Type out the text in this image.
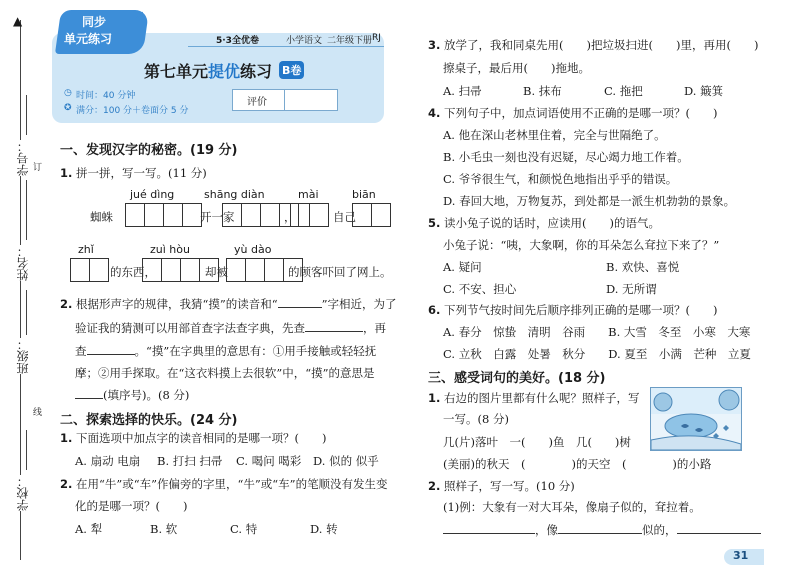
▲
学号： 订
姓名：
班级：
线
学校：
同步
单元练习
➚
5·3全优卷	小学语文 二年级下册 RJ
第七单元提优练习 B卷
◷ 时间：40 分钟
✪ 满分：100 分＋卷面分 5 分
评价
一、发现汉字的秘密。(19 分)
1. 拼一拼，写一写。(11 分)
jué dìng	shāng diàn	mài	biān
蜘蛛	开一家	，	自己
zhǐ	zuì hòu	yù dào
的东西，	却被	的顾客吓回了网上。
2. 根据形声字的规律，我猜“摸”的读音和“	”字相近，为了
验证我的猜测可以用部首查字法查字典，先查	，再
查	。“摸”在字典里的意思有：①用手接触或轻轻抚
摩；②用手探取。在“这衣料摸上去很软”中，“摸”的意思是
(填序号)。(8 分)
二、探索选择的快乐。(24 分)
1. 下面选项中加点字的读音相同的是哪一项？(　　)
A. 扇动 电扇 B. 打扫 扫帚 C. 喝问 喝彩 D. 似的 似乎
2. 在用“牛”或“车”作偏旁的字里，“牛”或“车”的笔顺没有发生变
化的是哪一项？(　　)
A. 犁	B. 软	C. 特	D. 转
3. 放学了，我和同桌先用(　　)把垃圾扫进(　　)里，再用(　　)
擦桌子，最后用(　　)拖地。
A. 扫帚	B. 抹布	C. 拖把	D. 簸箕
4. 下列句子中，加点词语使用不正确的是哪一项？(　　)
A. 他在深山老林里住着，完全与世隔绝了。
B. 小毛虫一刻也没有迟疑，尽心竭力地工作着。
C. 爷爷很生气，和颜悦色地指出乎乎的错误。
D. 春回大地，万物复苏，到处都是一派生机勃勃的景象。
5. 读小兔子说的话时，应读用(　　)的语气。
小兔子说：“咦，大象啊，你的耳朵怎么耷拉下来了？”
A. 疑问	B. 欢快、喜悦
C. 不安、担心	D. 无所谓
6. 下列节气按时间先后顺序排列正确的是哪一项？(　　)
A. 春分　惊蛰　清明　谷雨　　B. 大雪　冬至　小寒　大寒
C. 立秋　白露　处暑　秋分　　D. 夏至　小满　芒种　立夏
三、感受词句的美好。(18 分)
1. 右边的图片里都有什么呢？照样子，写
一写。(8 分)
几(片)落叶　一(　　)鱼　几(　　)树
(美丽)的秋天　(　　　　)的天空　(　　　　)的小路
2. 照样子，写一写。(10 分)
(1)例：大象有一对大耳朵，像扇子似的，耷拉着。
，像	似的，
31
